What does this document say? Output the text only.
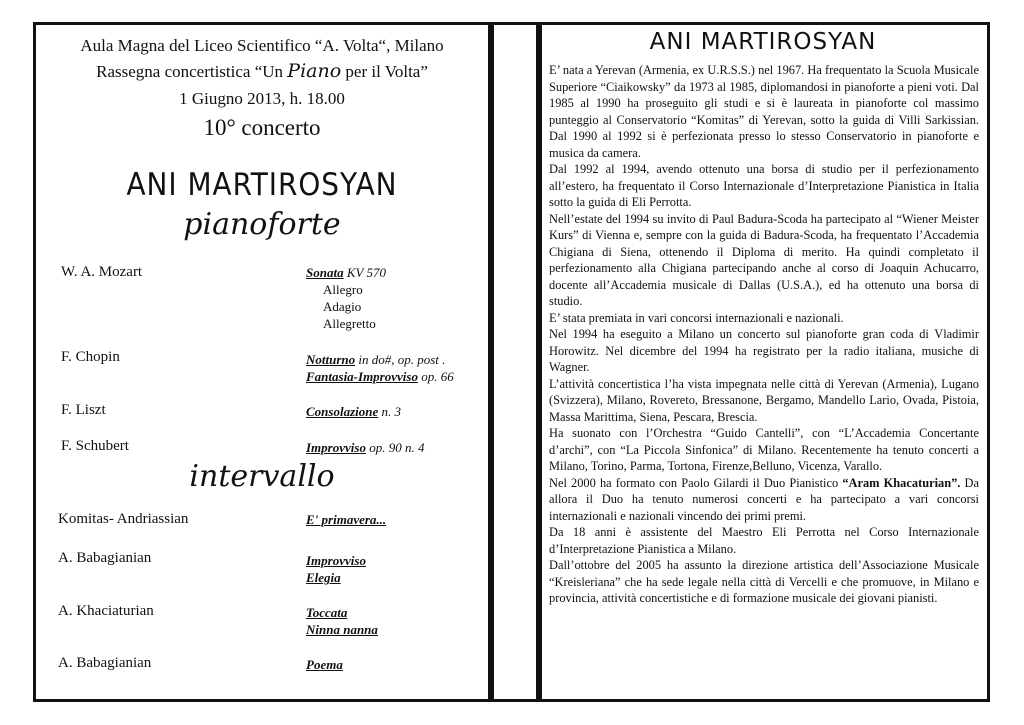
Aula Magna del Liceo Scientifico “A. Volta“, Milano
Rassegna concertistica “Un Piano per il Volta”
1 Giugno 2013, h. 18.00
10° concerto
ANI MARTIROSYAN
pianoforte
W. A. Mozart	Sonata KV 570
Allegro
Adagio
Allegretto
F. Chopin	Notturno in do#, op. post .
Fantasia-Improvviso op. 66
F. Liszt	Consolazione n. 3
F. Schubert	Improvviso op. 90 n. 4
intervallo
Komitas- Andriassian	E' primavera...
A. Babagianian	Improvviso
Elegia
A. Khaciaturian	Toccata
Ninna nanna
A. Babagianian	Poema
ANI MARTIROSYAN

E’ nata a Yerevan (Armenia, ex U.R.S.S.) nel 1967. Ha frequentato la Scuola Musicale Superiore “Ciaikowsky” da 1973 al 1985, diplomandosi in pianoforte a pieni voti. Dal 1985 al 1990 ha proseguito gli studi e si è laureata in pianoforte col massimo punteggio al Conservatorio “Komitas” di Yerevan, sotto la guida di Villi Sarkissian. Dal 1990 al 1992 si è perfezionata presso lo stesso Conservatorio in pianoforte e musica da camera.

Dal 1992 al 1994, avendo ottenuto una borsa di studio per il perfezionamento all’estero, ha frequentato il Corso Internazionale d’Interpretazione Pianistica in Italia sotto la guida di Eli Perrotta.

Nell’estate del 1994 su invito di Paul Badura-Scoda ha partecipato al “Wiener Meister Kurs” di Vienna e, sempre con la guida di Badura-Scoda, ha frequentato l’Accademia Chigiana di Siena, ottenendo il Diploma di merito. Ha quindi completato il perfezionamento alla Chigiana partecipando anche al corso di Joaquin Achucarro, docente all’Accademia musicale di Dallas (U.S.A.), ed ha ottenuto una borsa di studio.

E’ stata premiata in vari concorsi internazionali e nazionali.

Nel 1994 ha eseguito a Milano un concerto sul pianoforte gran coda di Vladimir Horowitz. Nel dicembre del 1994 ha registrato per la radio italiana, musiche di Wagner.

L’attività concertistica l’ha vista impegnata nelle città di Yerevan (Armenia), Lugano (Svizzera), Milano, Rovereto, Bressanone, Bergamo, Mandello Lario, Ovada, Pistoia, Massa Marittima, Siena, Pescara, Brescia.

Ha suonato con l’Orchestra “Guido Cantelli”, con “L’Accademia Concertante d’archi”, con “La Piccola Sinfonica” di Milano. Recentemente ha tenuto concerti a Milano, Torino, Parma, Tortona, Firenze,Belluno, Vicenza, Varallo.

Nel 2000 ha formato con Paolo Gilardi il Duo Pianistico “Aram Khacaturian”. Da allora il Duo ha tenuto numerosi concerti e ha partecipato a vari concorsi internazionali e nazionali vincendo dei primi premi.

Da 18 anni è assistente del Maestro Eli Perrotta nel Corso Internazionale d’Interpretazione Pianistica a Milano.

Dall’ottobre del 2005 ha assunto la direzione artistica dell’Associazione Musicale “Kreisleriana” che ha sede legale nella città di Vercelli e che promuove, in Milano e provincia, attività concertistiche e di formazione musicale dei giovani pianisti.
